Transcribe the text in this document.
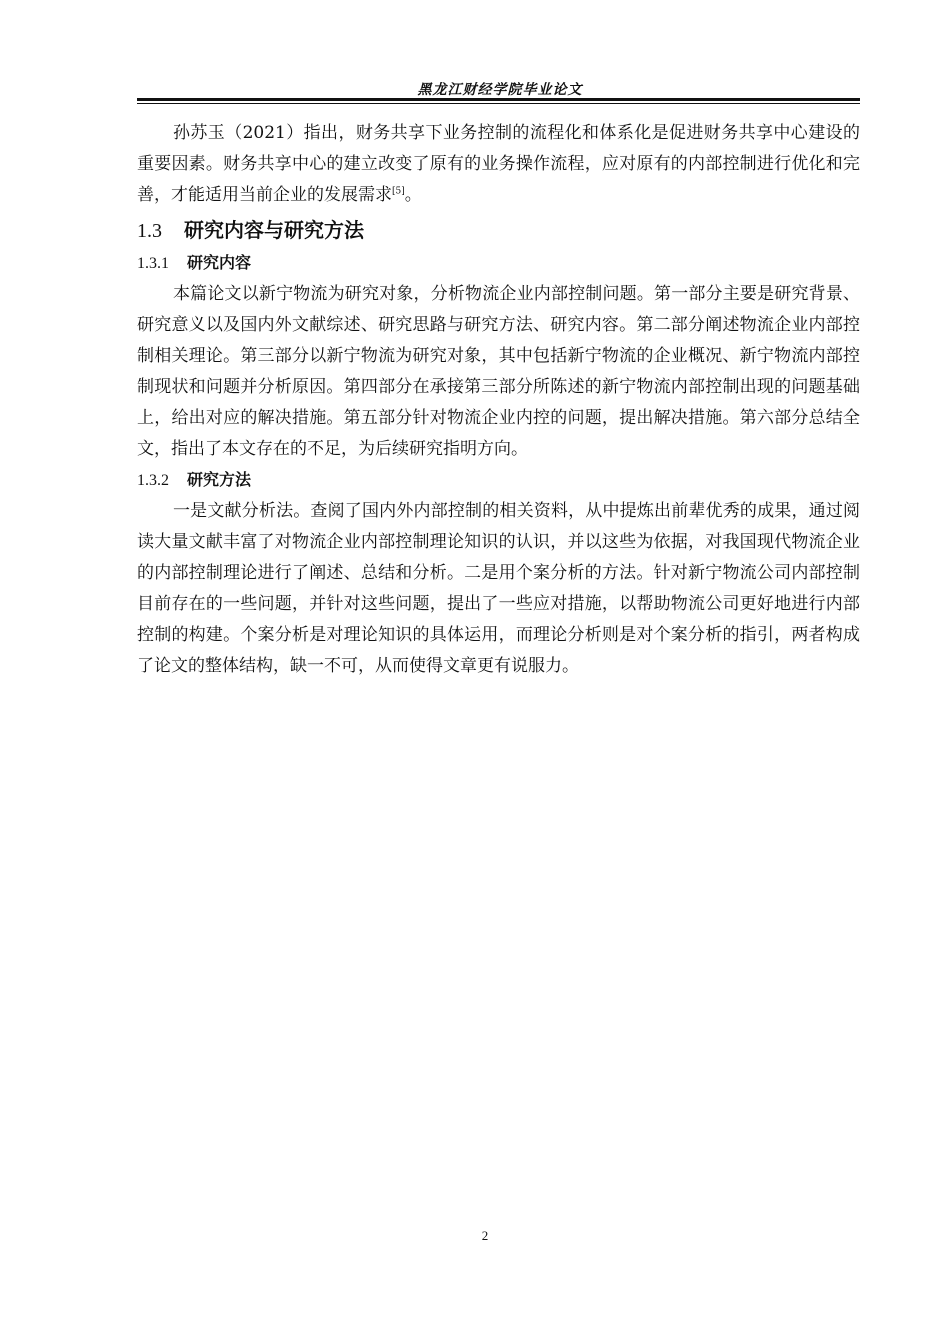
黑龙江财经学院毕业论文

孙苏玉（2021）指出，财务共享下业务控制的流程化和体系化是促进财务共享中心建设的重要因素。财务共享中心的建立改变了原有的业务操作流程，应对原有的内部控制进行优化和完善，才能适用当前企业的发展需求[5]。

1.3 研究内容与研究方法
1.3.1 研究内容

本篇论文以新宁物流为研究对象，分析物流企业内部控制问题。第一部分主要是研究背景、研究意义以及国内外文献综述、研究思路与研究方法、研究内容。第二部分阐述物流企业内部控制相关理论。第三部分以新宁物流为研究对象，其中包括新宁物流的企业概况、新宁物流内部控制现状和问题并分析原因。第四部分在承接第三部分所陈述的新宁物流内部控制出现的问题基础上，给出对应的解决措施。第五部分针对物流企业内控的问题，提出解决措施。第六部分总结全文，指出了本文存在的不足，为后续研究指明方向。

1.3.2 研究方法

一是文献分析法。查阅了国内外内部控制的相关资料，从中提炼出前辈优秀的成果，通过阅读大量文献丰富了对物流企业内部控制理论知识的认识，并以这些为依据，对我国现代物流企业的内部控制理论进行了阐述、总结和分析。二是用个案分析的方法。针对新宁物流公司内部控制目前存在的一些问题，并针对这些问题，提出了一些应对措施，以帮助物流公司更好地进行内部控制的构建。个案分析是对理论知识的具体运用，而理论分析则是对个案分析的指引，两者构成了论文的整体结构，缺一不可，从而使得文章更有说服力。

2
